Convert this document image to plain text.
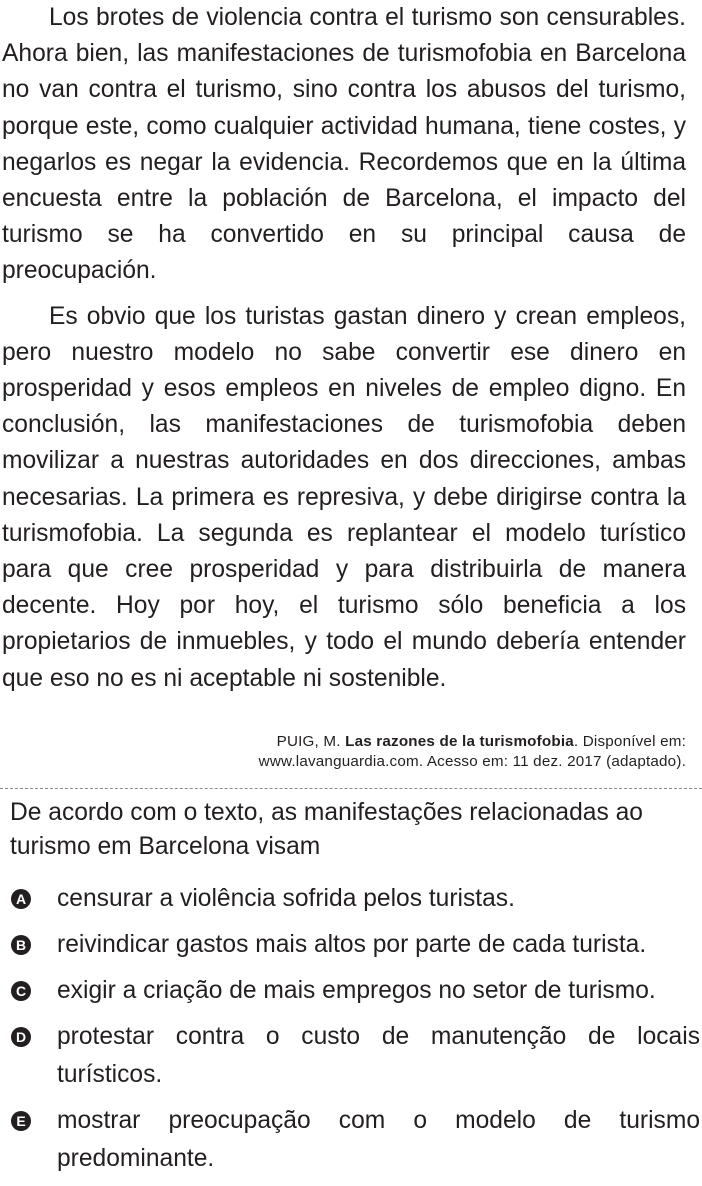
Los brotes de violencia contra el turismo son censurables. Ahora bien, las manifestaciones de turismofobia en Barcelona no van contra el turismo, sino contra los abusos del turismo, porque este, como cualquier actividad humana, tiene costes, y negarlos es negar la evidencia. Recordemos que en la última encuesta entre la población de Barcelona, el impacto del turismo se ha convertido en su principal causa de preocupación.

Es obvio que los turistas gastan dinero y crean empleos, pero nuestro modelo no sabe convertir ese dinero en prosperidad y esos empleos en niveles de empleo digno. En conclusión, las manifestaciones de turismofobia deben movilizar a nuestras autoridades en dos direcciones, ambas necesarias. La primera es represiva, y debe dirigirse contra la turismofobia. La segunda es replantear el modelo turístico para que cree prosperidad y para distribuirla de manera decente. Hoy por hoy, el turismo sólo beneficia a los propietarios de inmuebles, y todo el mundo debería entender que eso no es ni aceptable ni sostenible.

PUIG, M. Las razones de la turismofobia. Disponível em:
www.lavanguardia.com. Acesso em: 11 dez. 2017 (adaptado).

De acordo com o texto, as manifestações relacionadas ao turismo em Barcelona visam

A censurar a violência sofrida pelos turistas.
B reivindicar gastos mais altos por parte de cada turista.
C exigir a criação de mais empregos no setor de turismo.
D protestar contra o custo de manutenção de locais turísticos.
E mostrar preocupação com o modelo de turismo predominante.
